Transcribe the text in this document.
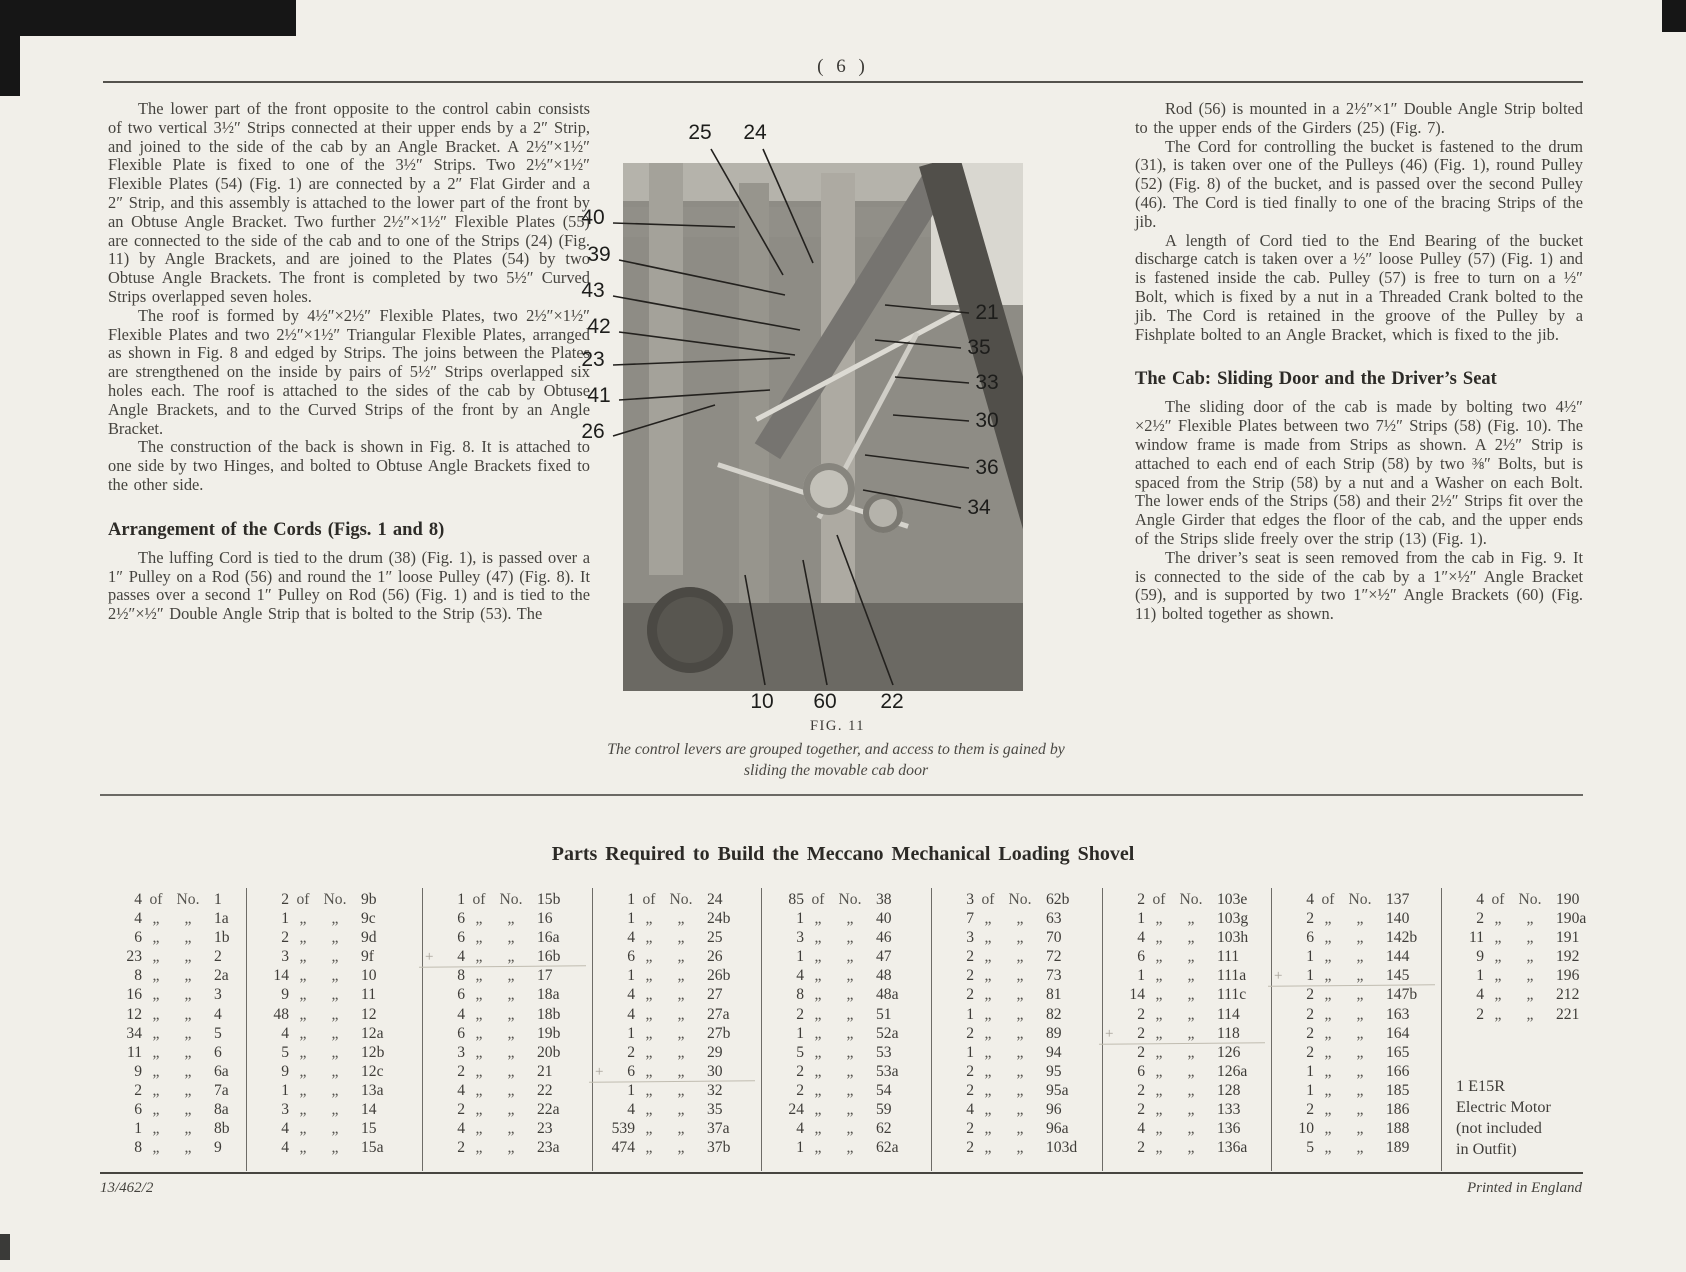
( 6 )

The lower part of the front opposite to the control cabin consists of two vertical 3½″ Strips connected at their upper ends by a 2″ Strip, and joined to the side of the cab by an Angle Bracket. A 2½″×1½″ Flexible Plate is fixed to one of the 3½″ Strips. Two 2½″×1½″ Flexible Plates (54) (Fig. 1) are connected by a 2″ Flat Girder and a 2″ Strip, and this assembly is attached to the lower part of the front by an Obtuse Angle Bracket. Two further 2½″×1½″ Flexible Plates (55) are connected to the side of the cab and to one of the Strips (24) (Fig. 11) by Angle Brackets, and are joined to the Plates (54) by two Obtuse Angle Brackets. The front is completed by two 5½″ Curved Strips overlapped seven holes.

The roof is formed by 4½″×2½″ Flexible Plates, two 2½″×1½″ Flexible Plates and two 2½″×1½″ Triangular Flexible Plates, arranged as shown in Fig. 8 and edged by Strips. The joins between the Plates are strengthened on the inside by pairs of 5½″ Strips overlapped six holes each. The roof is attached to the sides of the cab by Obtuse Angle Brackets, and to the Curved Strips of the front by an Angle Bracket.

The construction of the back is shown in Fig. 8. It is attached to one side by two Hinges, and bolted to Obtuse Angle Brackets fixed to the other side.

Arrangement of the Cords (Figs. 1 and 8)

The luffing Cord is tied to the drum (38) (Fig. 1), is passed over a 1″ Pulley on a Rod (56) and round the 1″ loose Pulley (47) (Fig. 8). It passes over a second 1″ Pulley on Rod (56) (Fig. 1) and is tied to the 2½″×½″ Double Angle Strip that is bolted to the Strip (53). The

25 24
40
39
43
42
23
41
26
21
35
33
30
36
34
10 60 22
FIG. 11
The control levers are grouped together, and access to them is gained by sliding the movable cab door

Rod (56) is mounted in a 2½″×1″ Double Angle Strip bolted to the upper ends of the Girders (25) (Fig. 7).

The Cord for controlling the bucket is fastened to the drum (31), is taken over one of the Pulleys (46) (Fig. 1), round Pulley (52) (Fig. 8) of the bucket, and is passed over the second Pulley (46). The Cord is tied finally to one of the bracing Strips of the jib.

A length of Cord tied to the End Bearing of the bucket discharge catch is taken over a ½″ loose Pulley (57) (Fig. 1) and is fastened inside the cab. Pulley (57) is free to turn on a ½″ Bolt, which is fixed by a nut in a Threaded Crank bolted to the jib. The Cord is retained in the groove of the Pulley by a Fishplate bolted to an Angle Bracket, which is fixed to the jib.

The Cab: Sliding Door and the Driver’s Seat

The sliding door of the cab is made by bolting two 4½″ ×2½″ Flexible Plates between two 7½″ Strips (58) (Fig. 10). The window frame is made from Strips as shown. A 2½″ Strip is attached to each end of each Strip (58) by two ⅜″ Bolts, but is spaced from the Strip (58) by a nut and a Washer on each Bolt. The lower ends of the Strips (58) and their 2½″ Strips fit over the Angle Girder that edges the floor of the cab, and the upper ends of the Strips slide freely over the strip (13) (Fig. 1).

The driver’s seat is seen removed from the cab in Fig. 9. It is connected to the side of the cab by a 1″×½″ Angle Bracket (59), and is supported by two 1″×½″ Angle Brackets (60) (Fig. 11) bolted together as shown.

Parts Required to Build the Meccano Mechanical Loading Shovel
4 of No. 1
4 „	„	1a
6 „	„	1b
23 „	„	2
8 „	„	2a
16 „	„	3
12 „	„	4
34 „	„	5
11 „	„	6
9 „	„	6a
2 „	„	7a
6 „	„	8a
1 „	„	8b
8 „	„	9
2 of No. 9b
1 „	„	9c
2 „	„	9d
3 „	„	9f
14 „	„	10
9 „	„	11
48 „	„	12
4 „	„	12a
5 „	„	12b
9 „	„	12c
1 „	„	13a
3 „	„	14
4 „	„	15
4 „	„	15a
1 of No. 15b
6 „	„	16
6 „	„	16a
4 „	„	16b
+
8 „	„	17
6 „	„	18a
4 „	„	18b
6 „	„	19b
3 „	„	20b
2 „	„	21
4 „	„	22
2 „	„	22a
4 „	„	23
2 „	„	23a
1 of No. 24
1 „	„	24b
4 „	„	25
6 „	„	26
1 „	„	26b
4 „	„	27
4 „	„	27a
1 „	„	27b
2 „	„	29
6 „	„	30
+
1 „	„	32
4 „	„	35
539 „	„	37a
474 „	„	37b
85 of No. 38
1 „	„	40
3 „	„	46
1 „	„	47
4 „	„	48
8 „	„	48a
2 „	„	51
1 „	„	52a
5 „	„	53
2 „	„	53a
2 „	„	54
24 „	„	59
4 „	„	62
1 „	„	62a
3 of No. 62b
7 „	„	63
3 „	„	70
2 „	„	72
2 „	„	73
2 „	„	81
1 „	„	82
2 „	„	89
1 „	„	94
2 „	„	95
2 „	„	95a
4 „	„	96
2 „	„	96a
2 „	„	103d
2 of No. 103e
1 „	„	103g
4 „	„	103h
6 „	„	111
1 „	„	111a
14 „	„	111c
2 „	„	114
2 „	„	118
+
2 „	„	126
6 „	„	126a
2 „	„	128
2 „	„	133
4 „	„	136
2 „	„	136a
4 of No. 137
2 „	„	140
6 „	„	142b
1 „	„	144
1 „	„	145
+
2 „	„	147b
2 „	„	163
2 „	„	164
2 „	„	165
1 „	„	166
1 „	„	185
2 „	„	186
10 „	„	188
5 „	„	189
4 of No. 190
2 „	„	190a
11 „	„	191
9 „	„	192
1 „	„	196
4 „	„	212
2 „	„	221
1 E15R
Electric Motor
(not included
in Outfit)
13/462/2	Printed in England
